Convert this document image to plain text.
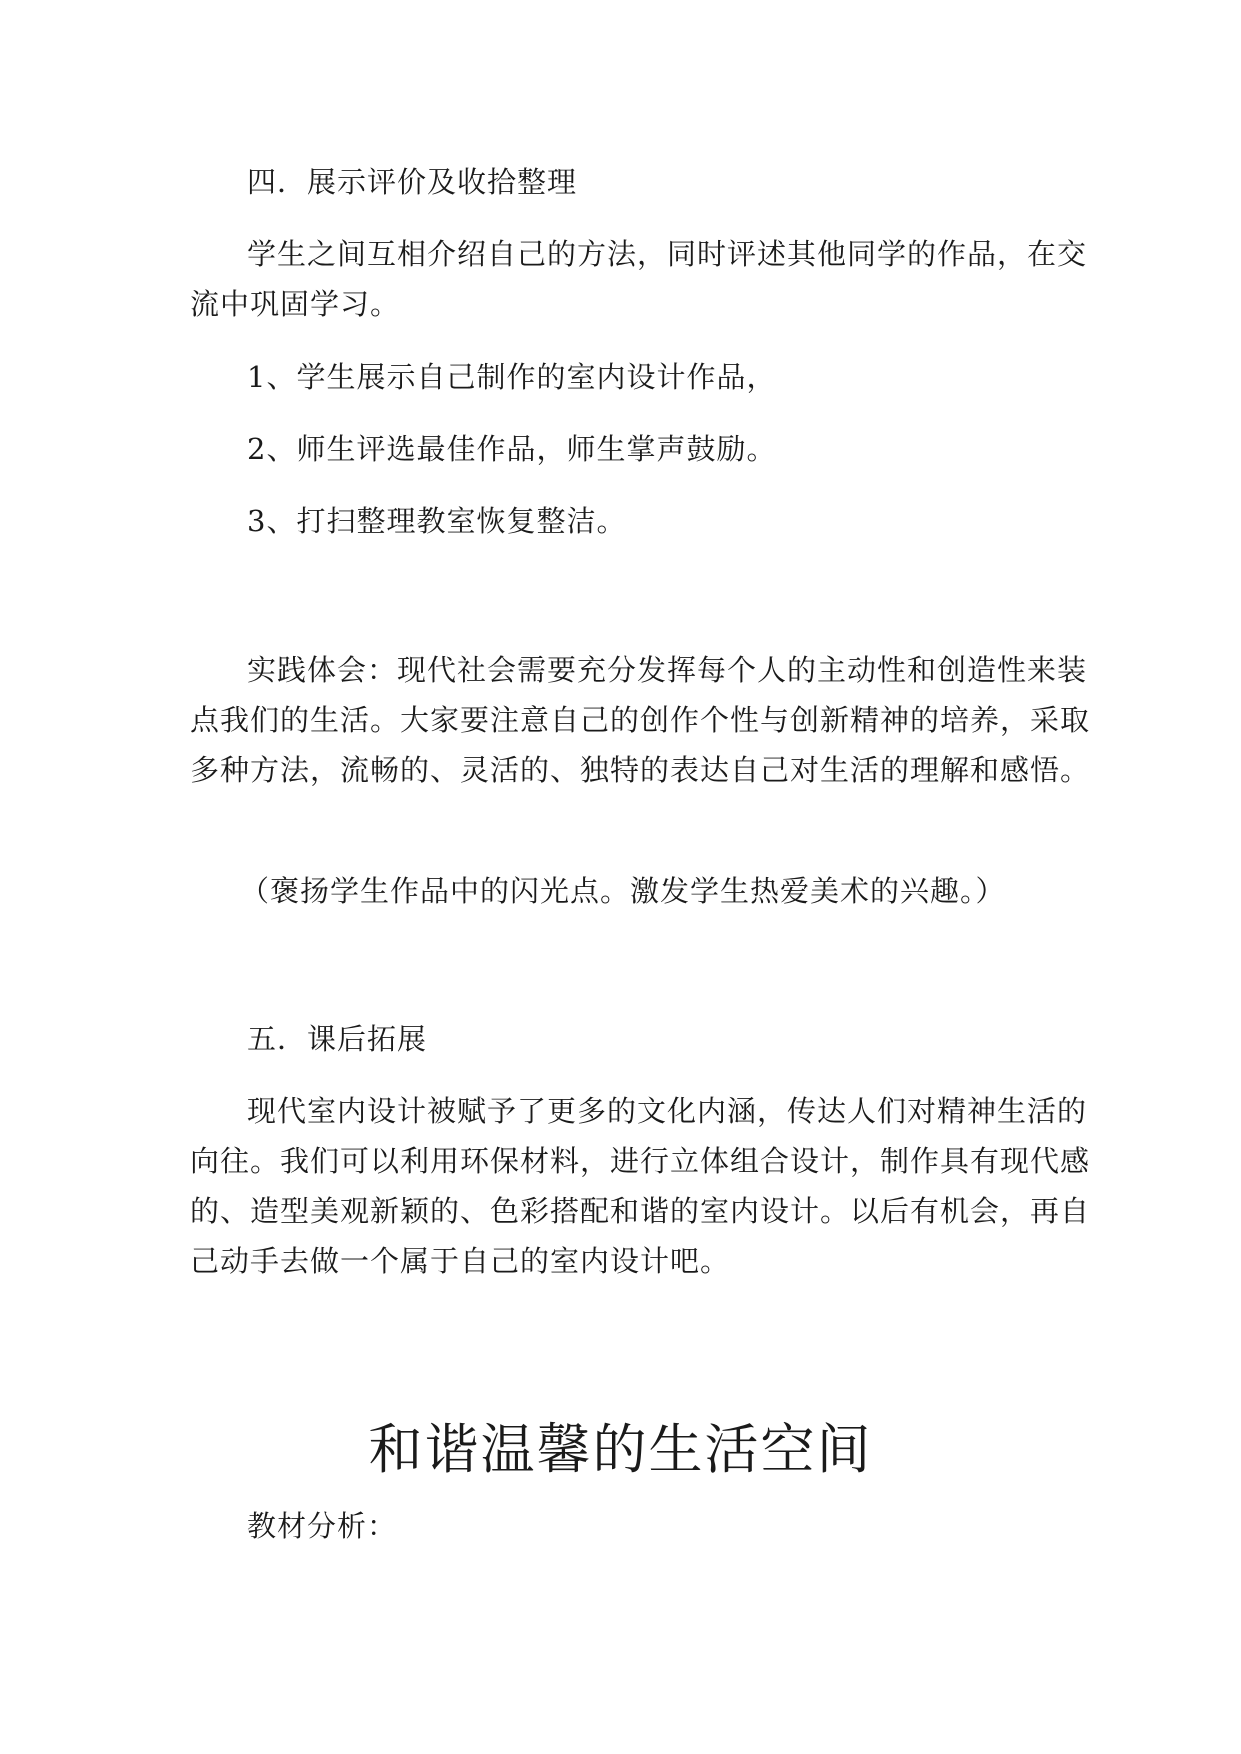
四．展示评价及收拾整理
学生之间互相介绍自己的方法，同时评述其他同学的作品，在交
流中巩固学习。
1、学生展示自己制作的室内设计作品，
2、师生评选最佳作品，师生掌声鼓励。
3、打扫整理教室恢复整洁。
实践体会：现代社会需要充分发挥每个人的主动性和创造性来装
点我们的生活。大家要注意自己的创作个性与创新精神的培养，采取
多种方法，流畅的、灵活的、独特的表达自己对生活的理解和感悟。
（褒扬学生作品中的闪光点。激发学生热爱美术的兴趣。）
五．课后拓展
现代室内设计被赋予了更多的文化内涵，传达人们对精神生活的
向往。我们可以利用环保材料，进行立体组合设计，制作具有现代感
的、造型美观新颖的、色彩搭配和谐的室内设计。以后有机会，再自
己动手去做一个属于自己的室内设计吧。
和谐温馨的生活空间
教材分析：
